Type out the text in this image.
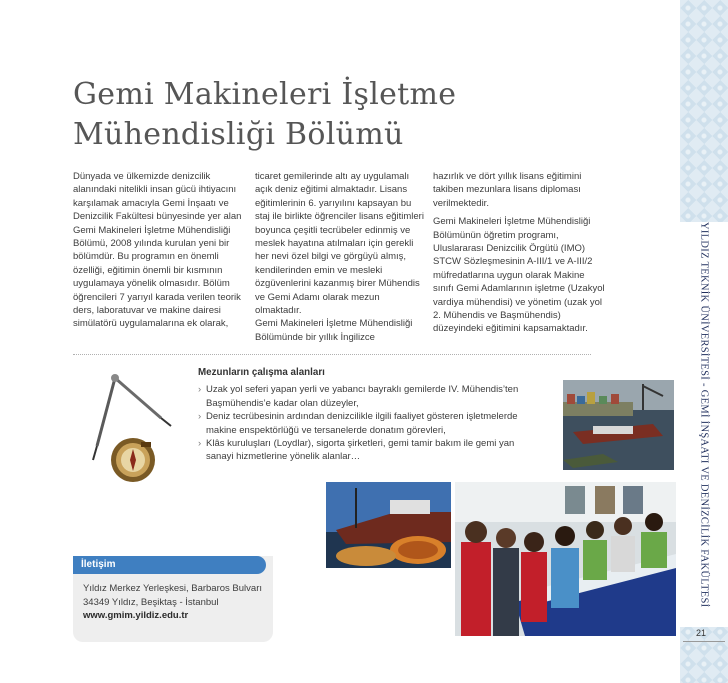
YILDIZ TEKNİK ÜNİVERSİTESİ - GEMİ İNŞAATI VE DENİZCİLİK FAKÜLTESİ
21
Gemi Makineleri İşletme
Mühendisliği Bölümü

Dünyada ve ülkemizde denizcilik alanındaki nitelikli insan gücü ihtiyacını karşılamak amacıyla Gemi İnşaatı ve Denizcilik Fakültesi bünyesinde yer alan Gemi Makineleri İşletme Mühendisliği Bölümü, 2008 yılında kurulan yeni bir bölümdür. Bu programın en önemli özelliği, eğitimin önemli bir kısmının uygulamaya yönelik olmasıdır. Bölüm öğrencileri 7 yarıyıl karada verilen teorik ders, laboratuvar ve makine dairesi simülatörü uygulamalarına ek olarak,

ticaret gemilerinde altı ay uygulamalı açık deniz eğitimi almaktadır. Lisans eğitimlerinin 6. yarıyılını kapsayan bu staj ile birlikte öğrenciler lisans eğitimleri boyunca çeşitli tecrübeler edinmiş ve meslek hayatına atılmaları için gerekli her nevi özel bilgi ve görgüyü almış, kendilerinden emin ve mesleki özgüvenlerini kazanmış birer Mühendis ve Gemi Adamı olarak mezun olmaktadır.

Gemi Makineleri İşletme Mühendisliği Bölümünde bir yıllık İngilizce

hazırlık ve dört yıllık lisans eğitimini takiben mezunlara lisans diploması verilmektedir.

Gemi Makineleri İşletme Mühendisliği Bölümünün öğretim programı, Uluslararası Denizcilik Örgütü (IMO) STCW Sözleşmesinin A-III/1 ve A-III/2 müfredatlarına uygun olarak Makine sınıfı Gemi Adamlarının işletme (Uzakyol vardiya mühendisi) ve yönetim (uzak yol 2. Mühendis ve Başmühendis) düzeyindeki eğitimini kapsamaktadır.

Mezunların çalışma alanları
› Uzak yol seferi yapan yerli ve yabancı bayraklı gemilerde IV. Mühendis’ten Başmühendis’e kadar olan düzeyler,
› Deniz tecrübesinin ardından denizcilikle ilgili faaliyet gösteren işletmelerde makine enspektörlüğü ve tersanelerde donatım görevleri,
› Klâs kuruluşları (Loydlar), sigorta şirketleri, gemi tamir bakım ile gemi yan sanayi hizmetlerine yönelik alanlar…
İletişim
Yıldız Merkez Yerleşkesi, Barbaros Bulvarı
34349 Yıldız, Beşiktaş - İstanbul
www.gmim.yildiz.edu.tr
